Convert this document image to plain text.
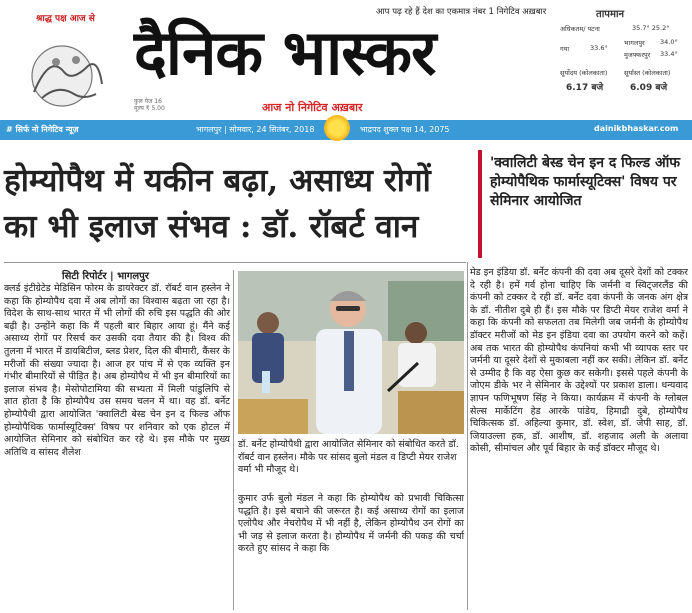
श्राद्ध पक्ष आज से
आप पढ़ रहे हैं देश का एकमात्र नंबर 1 निगेटिव अख़बार
दैनिक भास्कर
कुल पेज 16
मूल्य ₹ 5.00	आज नो निगेटिव अख़बार
तापमान
अधिकतम/ पटना	35.7° 25.2°
गया	33.6°
भागलपुर 34.0°
मुजफ्फरपुर 33.4°
सूर्योदय (कोलकाता)	सूर्यास्त (कोलकाता)
6.17 बजे	6.09 बजे
# सिर्फ नो निगेटिव न्यूज़	भागलपुर | सोमवार, 24 सितंबर, 2018	भाद्रपद शुक्ल पक्ष 14, 2075	dainikbhaskar.com
होम्योपैथ में यकीन बढ़ा, असाध्य रोगों
का भी इलाज संभव : डॉ. रॉबर्ट वान

'क्वालिटी बेस्ड चेन इन द फिल्ड ऑफ होम्योपैथिक फार्मास्यूटिक्स' विषय पर सेमिनार आयोजित

सिटी रिपोर्टर | भागलपुर
क्लर्ड इंटीग्रेटेड मेडिसिन फोरम के डायरेक्टर डॉ. रॉबर्ट वान हस्लेन ने कहा कि होम्योपैथ दवा में अब लोगों का विश्वास बढ़ता जा रहा है। विदेश के साथ-साथ भारत में भी लोगों की रुचि इस पद्धति की ओर बढ़ी है। उन्होंने कहा कि मैं पहली बार बिहार आया हूं। मैंने कई असाध्य रोगों पर रिसर्च कर उसकी दवा तैयार की है। विश्व की तुलना में भारत में डायबिटीज, ब्लड प्रेशर, दिल की बीमारी, कैंसर के मरीजों की संख्या ज्यादा है। आज हर पांच में से एक व्यक्ति इन गंभीर बीमारियों से पीड़ित है। अब होम्योपैथ में भी इन बीमारियों का इलाज संभव है। मेसोपोटामिया की सभ्यता में मिली पांडुलिपि से ज्ञात होता है कि होम्योपैथ उस समय चलन में था। वह डॉ. बर्नेट होम्योपैथी द्वारा आयोजित 'क्वालिटी बेस्ड चेन इन द फिल्ड ऑफ होम्योपैथिक फार्मास्यूटिक्स' विषय पर शनिवार को एक होटल में आयोजित सेमिनार को संबोधित कर रहे थे। इस मौके पर मुख्य अतिथि व सांसद शैलेश
डॉ. बर्नेट होम्योपैथी द्वारा आयोजित सेमिनार को संबोधित करते डॉ. रॉबर्ट वान हस्लेन। मौके पर सांसद बुलो मंडल व डिप्टी मेयर राजेश वर्मा भी मौजूद थे।
कुमार उर्फ बुलो मंडल ने कहा कि होम्योपैथ को प्रभावी चिकित्सा पद्धति है। इसे बचाने की जरूरत है। कई असाध्य रोगों का इलाज एलोपैथ और नेचरोपैथ में भी नहीं है, लेकिन होम्योपैथ उन रोगों का भी जड़ से इलाज करता है। होम्योपैथ में जर्मनी की पकड़ की चर्चा करते हुए सांसद ने कहा कि
मेड इन इंडिया डॉ. बर्नेट कंपनी की दवा अब दूसरे देशों को टक्कर दे रही है। हमें गर्व होना चाहिए कि जर्मनी व स्विट्जरलैंड की कंपनी को टक्कर दे रही डॉ. बर्नेट दवा कंपनी के जनक अंग क्षेत्र के डॉ. नीतीश दुबे ही हैं। इस मौके पर डिप्टी मेयर राजेश वर्मा ने कहा कि कंपनी को सफलता तब मिलेगी जब जर्मनी के होम्योपैथ डॉक्टर मरीजों को मेड इन इंडिया दवा का उपयोग करने को कहें। अब तक भारत की होम्योपैथ कंपनियां कभी भी व्यापक स्तर पर जर्मनी या दूसरे देशों से मुकाबला नहीं कर सकी। लेकिन डॉ. बर्नेट से उम्मीद है कि वह ऐसा कुछ कर सकेगी। इससे पहले कंपनी के जोएम डीके भर ने सेमिनार के उद्देश्यों पर प्रकाश डाला। धन्यवाद ज्ञापन फणिभूषण सिंह ने किया। कार्यक्रम में कंपनी के ग्लोबल सेल्स मार्केटिंग हेड आरके पांडेय, हिमाद्री दुबे, होम्योपैथ चिकित्सक डॉ. अहिल्या कुमार, डॉ. स्वेश, डॉ. जेपी साह, डॉ. जियाउल्ला हक, डॉ. आशीष, डॉ. शहजाद अली के अलावा कोसी, सीमांचल और पूर्व बिहार के कई डॉक्टर मौजूद थे।
